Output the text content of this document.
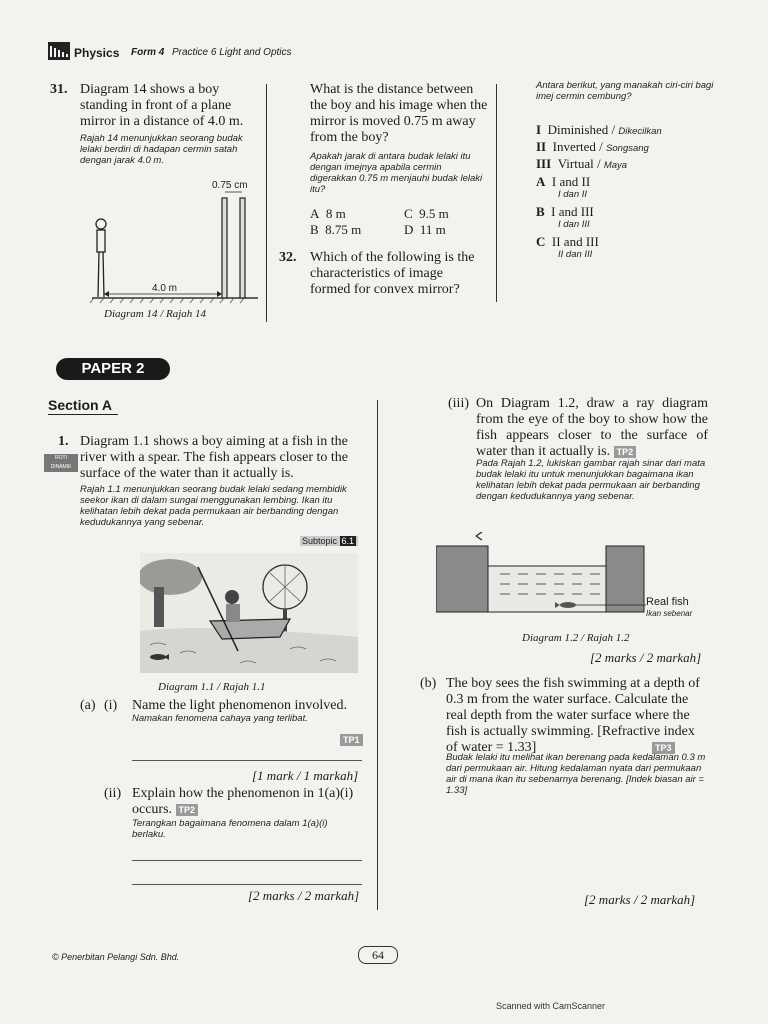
Physics Form 4 Practice 6 Light and Optics
31. Diagram 14 shows a boy standing in front of a plane mirror in a distance of 4.0 m.
Rajah 14 menunjukkan seorang budak lelaki berdiri di hadapan cermin satah dengan jarak 4.0 m.
0.75 cm
4.0 m
Diagram 14 / Rajah 14
What is the distance between the boy and his image when the mirror is moved 0.75 m away from the boy?
Apakah jarak di antara budak lelaki itu dengan imejnya apabila cermin digerakkan 0.75 m menjauhi budak lelaki itu?
A 8 m	C 9.5 m
B 8.75 m	D 11 m
32. Which of the following is the characteristics of image formed for convex mirror?
Antara berikut, yang manakah ciri-ciri bagi imej cermin cembung?
I Diminished / Dikecilkan
II Inverted / Songsang
III Virtual / Maya
A I and II
I dan II
B I and III
I dan III
C II and III
II dan III
PAPER 2
Section A
1.
ROTI DINAMIK
Diagram 1.1 shows a boy aiming at a fish in the river with a spear. The fish appears closer to the surface of the water than it actually is.
Rajah 1.1 menunjukkan seorang budak lelaki sedang membidik seekor ikan di dalam sungai menggunakan lembing. Ikan itu kelihatan lebih dekat pada permukaan air berbanding dengan kedudukannya yang sebenar.
Subtopic 6.1
Diagram 1.1 / Rajah 1.1
(a) (i) Name the light phenomenon involved.
Namakan fenomena cahaya yang terlibat.
TP1
[1 mark / 1 markah]
(ii) Explain how the phenomenon in 1(a)(i) occurs. TP2
Terangkan bagaimana fenomena dalam 1(a)(i) berlaku.
[2 marks / 2 markah]
(iii) On Diagram 1.2, draw a ray diagram from the eye of the boy to show how the fish appears closer to the surface of water than it actually is. TP2
Pada Rajah 1.2, lukiskan gambar rajah sinar dari mata budak lelaki itu untuk menunjukkan bagaimana ikan kelihatan lebih dekat pada permukaan air berbanding dengan kedudukannya yang sebenar.
Real fish
Ikan sebenar
Diagram 1.2 / Rajah 1.2
[2 marks / 2 markah]
(b) The boy sees the fish swimming at a depth of 0.3 m from the water surface. Calculate the real depth from the water surface where the fish is actually swimming. [Refractive index of water = 1.33]	TP3
Budak lelaki itu melihat ikan berenang pada kedalaman 0.3 m dari permukaan air. Hitung kedalaman nyata dari permukaan air di mana ikan itu sebenarnya berenang. [Indek biasan air = 1.33]
[2 marks / 2 markah]
© Penerbitan Pelangi Sdn. Bhd.	64
Scanned with CamScanner
